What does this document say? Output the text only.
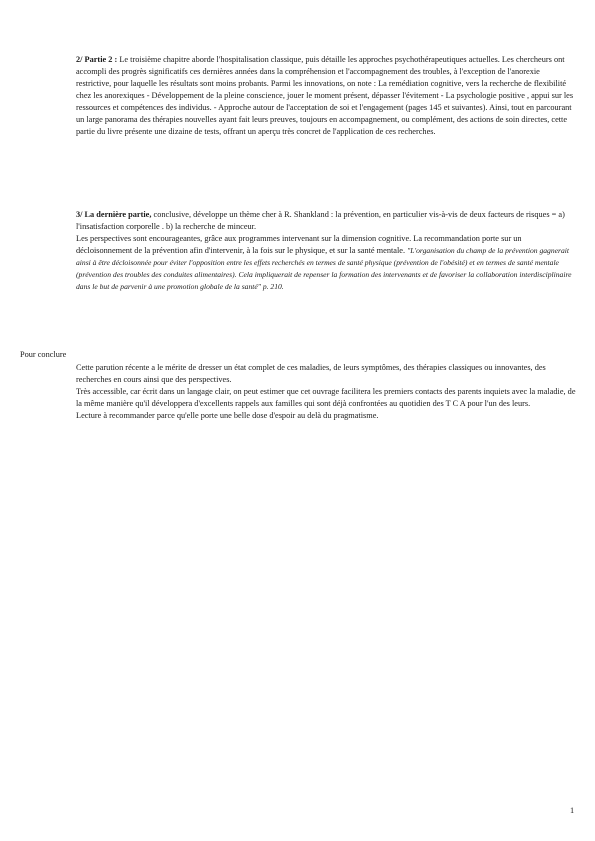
2/ Partie 2 : Le troisième chapitre aborde l'hospitalisation classique, puis détaille les approches psychothérapeutiques actuelles. Les chercheurs ont accompli des progrès significatifs ces dernières années dans la compréhension et l'accompagnement des troubles, à l'exception de l'anorexie restrictive, pour laquelle les résultats sont moins probants. Parmi les innovations, on note : La remédiation cognitive, vers la recherche de flexibilité chez les anorexiques - Développement de la pleine conscience, jouer le moment présent, dépasser l'évitement - La psychologie positive , appui sur les ressources et compétences des individus. - Approche autour de l'acceptation de soi et l'engagement (pages 145 et suivantes). Ainsi, tout en parcourant un large panorama des thérapies nouvelles ayant fait leurs preuves, toujours en accompagnement, ou complément, des actions de soin directes, cette partie du livre présente une dizaine de tests, offrant un aperçu très concret de l'application de ces recherches.

3/ La dernière partie, conclusive, développe un thème cher à R. Shankland : la prévention, en particulier vis-à-vis de deux facteurs de risques = a) l'insatisfaction corporelle . b) la recherche de minceur.

Les perspectives sont encourageantes, grâce aux programmes intervenant sur la dimension cognitive. La recommandation porte sur un décloisonnement de la prévention afin d'intervenir, à la fois sur le physique, et sur la santé mentale. "L'organisation du champ de la prévention gagnerait ainsi à être décloisonnée pour éviter l'opposition entre les effets recherchés en termes de santé physique (prévention de l'obésité) et en termes de santé mentale (prévention des troubles des conduites alimentaires). Cela impliquerait de repenser la formation des intervenants et de favoriser la collaboration interdisciplinaire dans le but de parvenir à une promotion globale de la santé" p. 210.

Pour conclure

Cette parution récente a le mérite de dresser un état complet de ces maladies, de leurs symptômes, des thérapies classiques ou innovantes, des recherches en cours ainsi que des perspectives.

Très accessible, car écrit dans un langage clair, on peut estimer que cet ouvrage facilitera les premiers contacts des parents inquiets avec la maladie, de la même manière qu'il développera d'excellents rappels aux familles qui sont déjà confrontées au quotidien des T C A pour l'un des leurs.

Lecture à recommander parce qu'elle porte une belle dose d'espoir au delà du pragmatisme.

1
